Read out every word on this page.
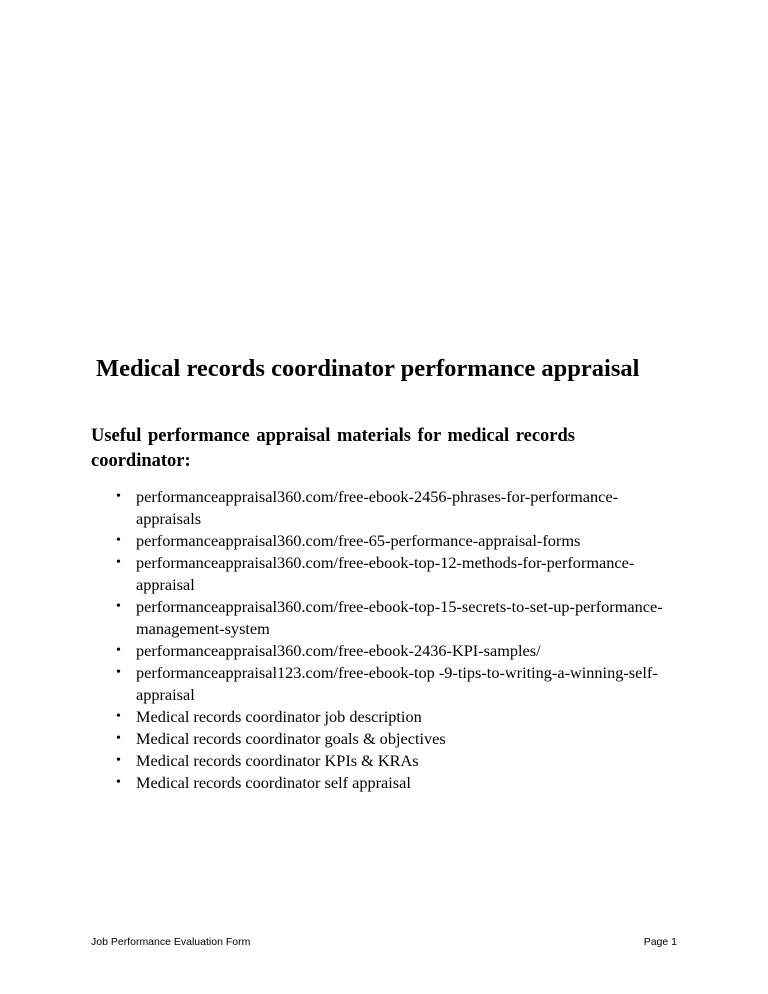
Medical records coordinator performance appraisal
Useful performance appraisal materials for medical records coordinator:
• performanceappraisal360.com/free-ebook-2456-phrases-for-performance-appraisals
• performanceappraisal360.com/free-65-performance-appraisal-forms
• performanceappraisal360.com/free-ebook-top-12-methods-for-performance-appraisal
• performanceappraisal360.com/free-ebook-top-15-secrets-to-set-up-performance-management-system
• performanceappraisal360.com/free-ebook-2436-KPI-samples/
• performanceappraisal123.com/free-ebook-top -9-tips-to-writing-a-winning-self-appraisal
• Medical records coordinator job description
• Medical records coordinator goals & objectives
• Medical records coordinator KPIs & KRAs
• Medical records coordinator self appraisal
Job Performance Evaluation Form	Page 1
